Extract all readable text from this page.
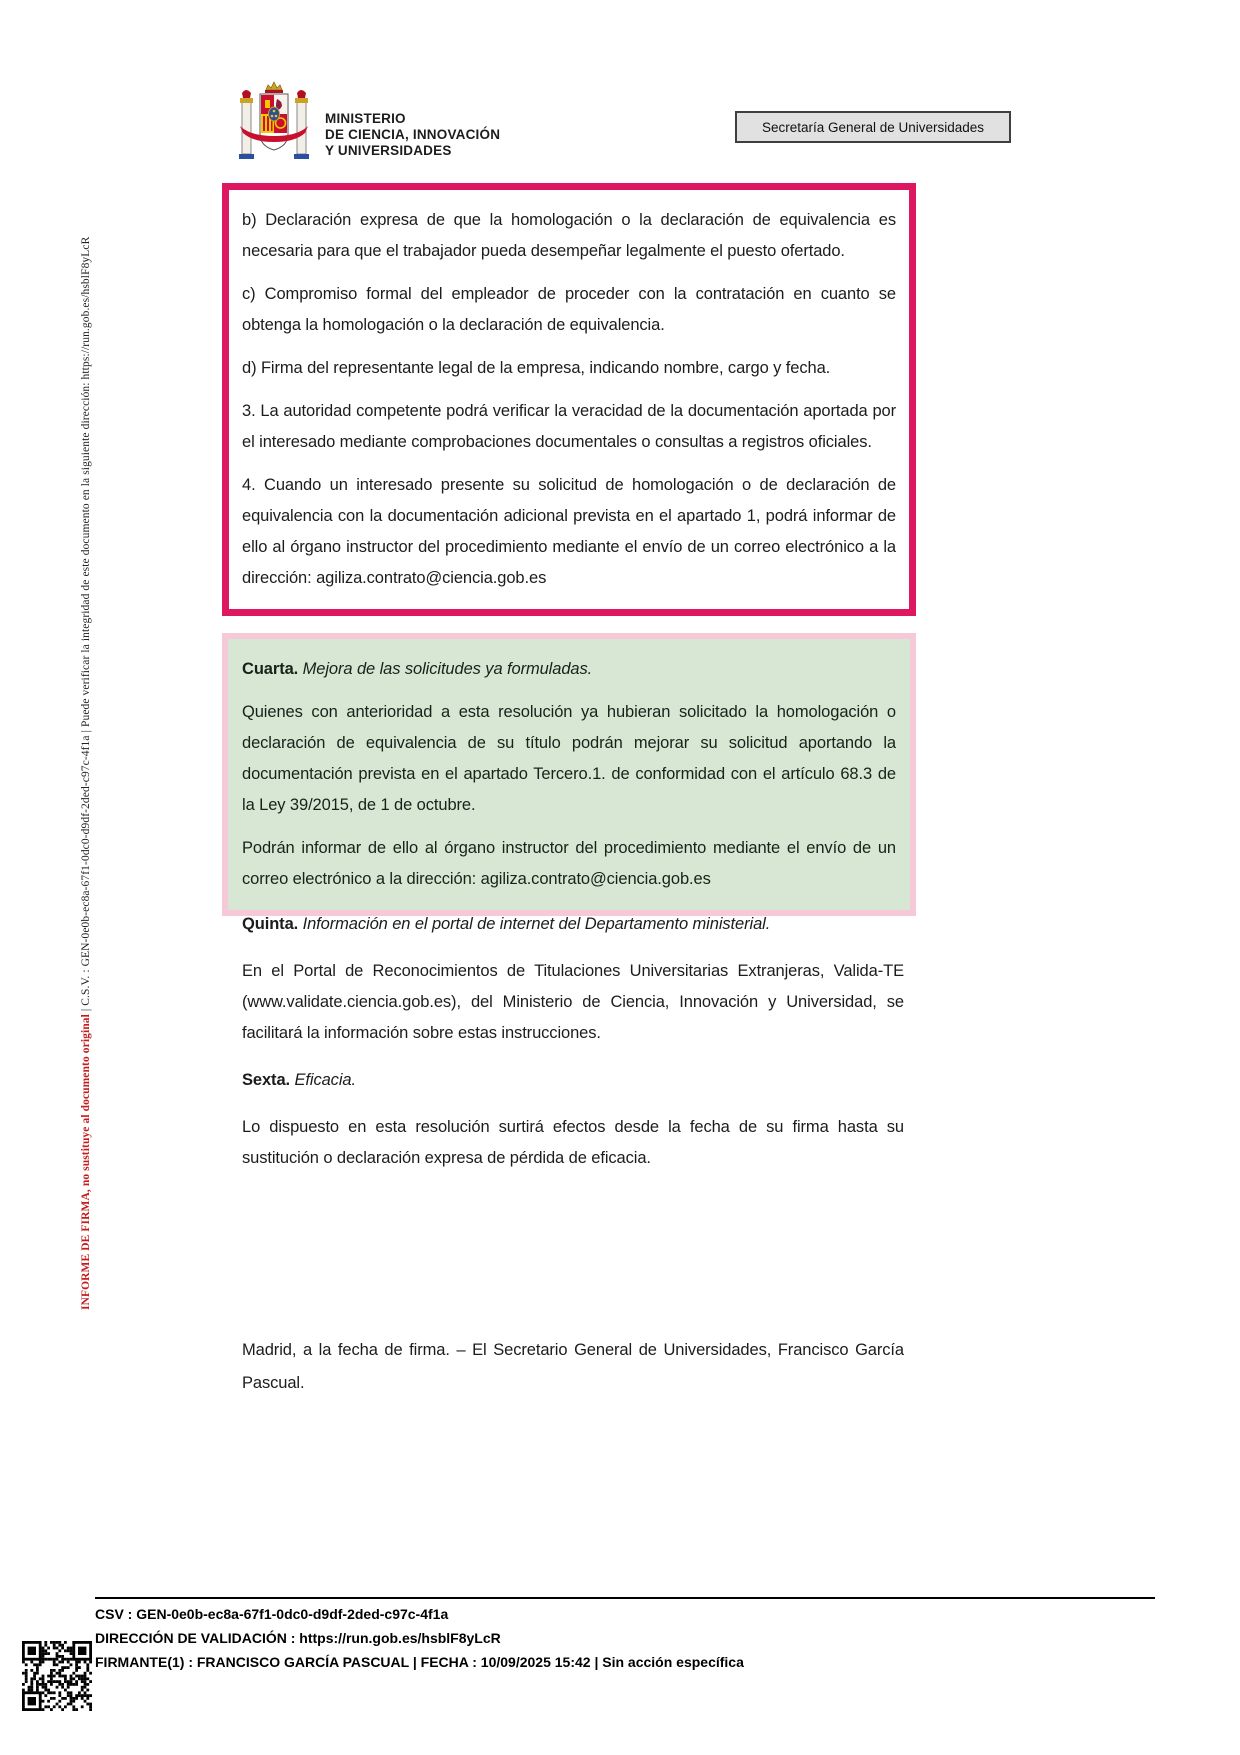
INFORME DE FIRMA, no sustituye al documento original | C.S.V. : GEN-0e0b-ec8a-67f1-0dc0-d9df-2ded-c97c-4f1a | Puede verificar la integridad de este documento en la siguiente dirección: https://run.gob.es/hsblF8yLcR
MINISTERIO
DE CIENCIA, INNOVACIÓN
Y UNIVERSIDADES
Secretaría General de Universidades

b) Declaración expresa de que la homologación o la declaración de equivalencia es necesaria para que el trabajador pueda desempeñar legalmente el puesto ofertado.

c) Compromiso formal del empleador de proceder con la contratación en cuanto se obtenga la homologación o la declaración de equivalencia.

d) Firma del representante legal de la empresa, indicando nombre, cargo y fecha.

3. La autoridad competente podrá verificar la veracidad de la documentación aportada por el interesado mediante comprobaciones documentales o consultas a registros oficiales.

4. Cuando un interesado presente su solicitud de homologación o de declaración de equivalencia con la documentación adicional prevista en el apartado 1, podrá informar de ello al órgano instructor del procedimiento mediante el envío de un correo electrónico a la dirección: agiliza.contrato@ciencia.gob.es

Cuarta. Mejora de las solicitudes ya formuladas.

Quienes con anterioridad a esta resolución ya hubieran solicitado la homologación o declaración de equivalencia de su título podrán mejorar su solicitud aportando la documentación prevista en el apartado Tercero.1. de conformidad con el artículo 68.3 de la Ley 39/2015, de 1 de octubre.

Podrán informar de ello al órgano instructor del procedimiento mediante el envío de un correo electrónico a la dirección: agiliza.contrato@ciencia.gob.es

Quinta. Información en el portal de internet del Departamento ministerial.

En el Portal de Reconocimientos de Titulaciones Universitarias Extranjeras, Valida-TE (www.validate.ciencia.gob.es), del Ministerio de Ciencia, Innovación y Universidad, se facilitará la información sobre estas instrucciones.

Sexta. Eficacia.

Lo dispuesto en esta resolución surtirá efectos desde la fecha de su firma hasta su sustitución o declaración expresa de pérdida de eficacia.

Madrid, a la fecha de firma. – El Secretario General de Universidades, Francisco García Pascual.

CSV : GEN-0e0b-ec8a-67f1-0dc0-d9df-2ded-c97c-4f1a
DIRECCIÓN DE VALIDACIÓN : https://run.gob.es/hsblF8yLcR
FIRMANTE(1) : FRANCISCO GARCÍA PASCUAL | FECHA : 10/09/2025 15:42 | Sin acción específica
